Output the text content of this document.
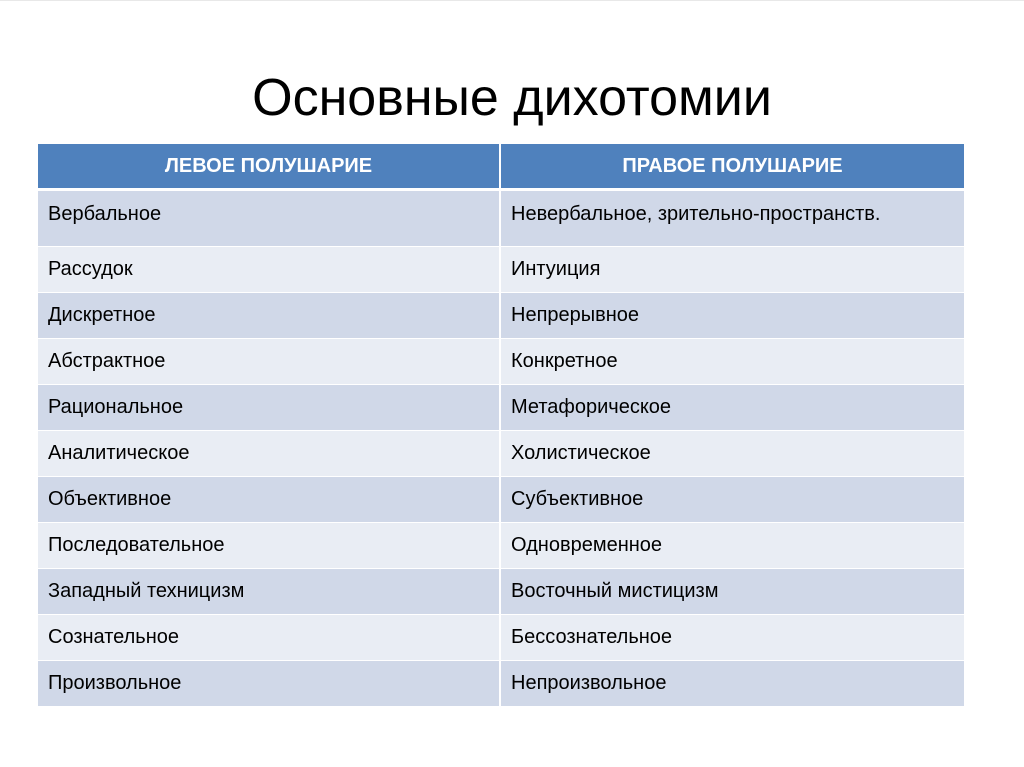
Основные дихотомии
ЛЕВОЕ ПОЛУШАРИЕ	ПРАВОЕ ПОЛУШАРИЕ
Вербальное	Невербальное, зрительно-пространств.
Рассудок	Интуиция
Дискретное	Непрерывное
Абстрактное	Конкретное
Рациональное	Метафорическое
Аналитическое	Холистическое
Объективное	Субъективное
Последовательное	Одновременное
Западный техницизм	Восточный мистицизм
Сознательное	Бессознательное
Произвольное	Непроизвольное
